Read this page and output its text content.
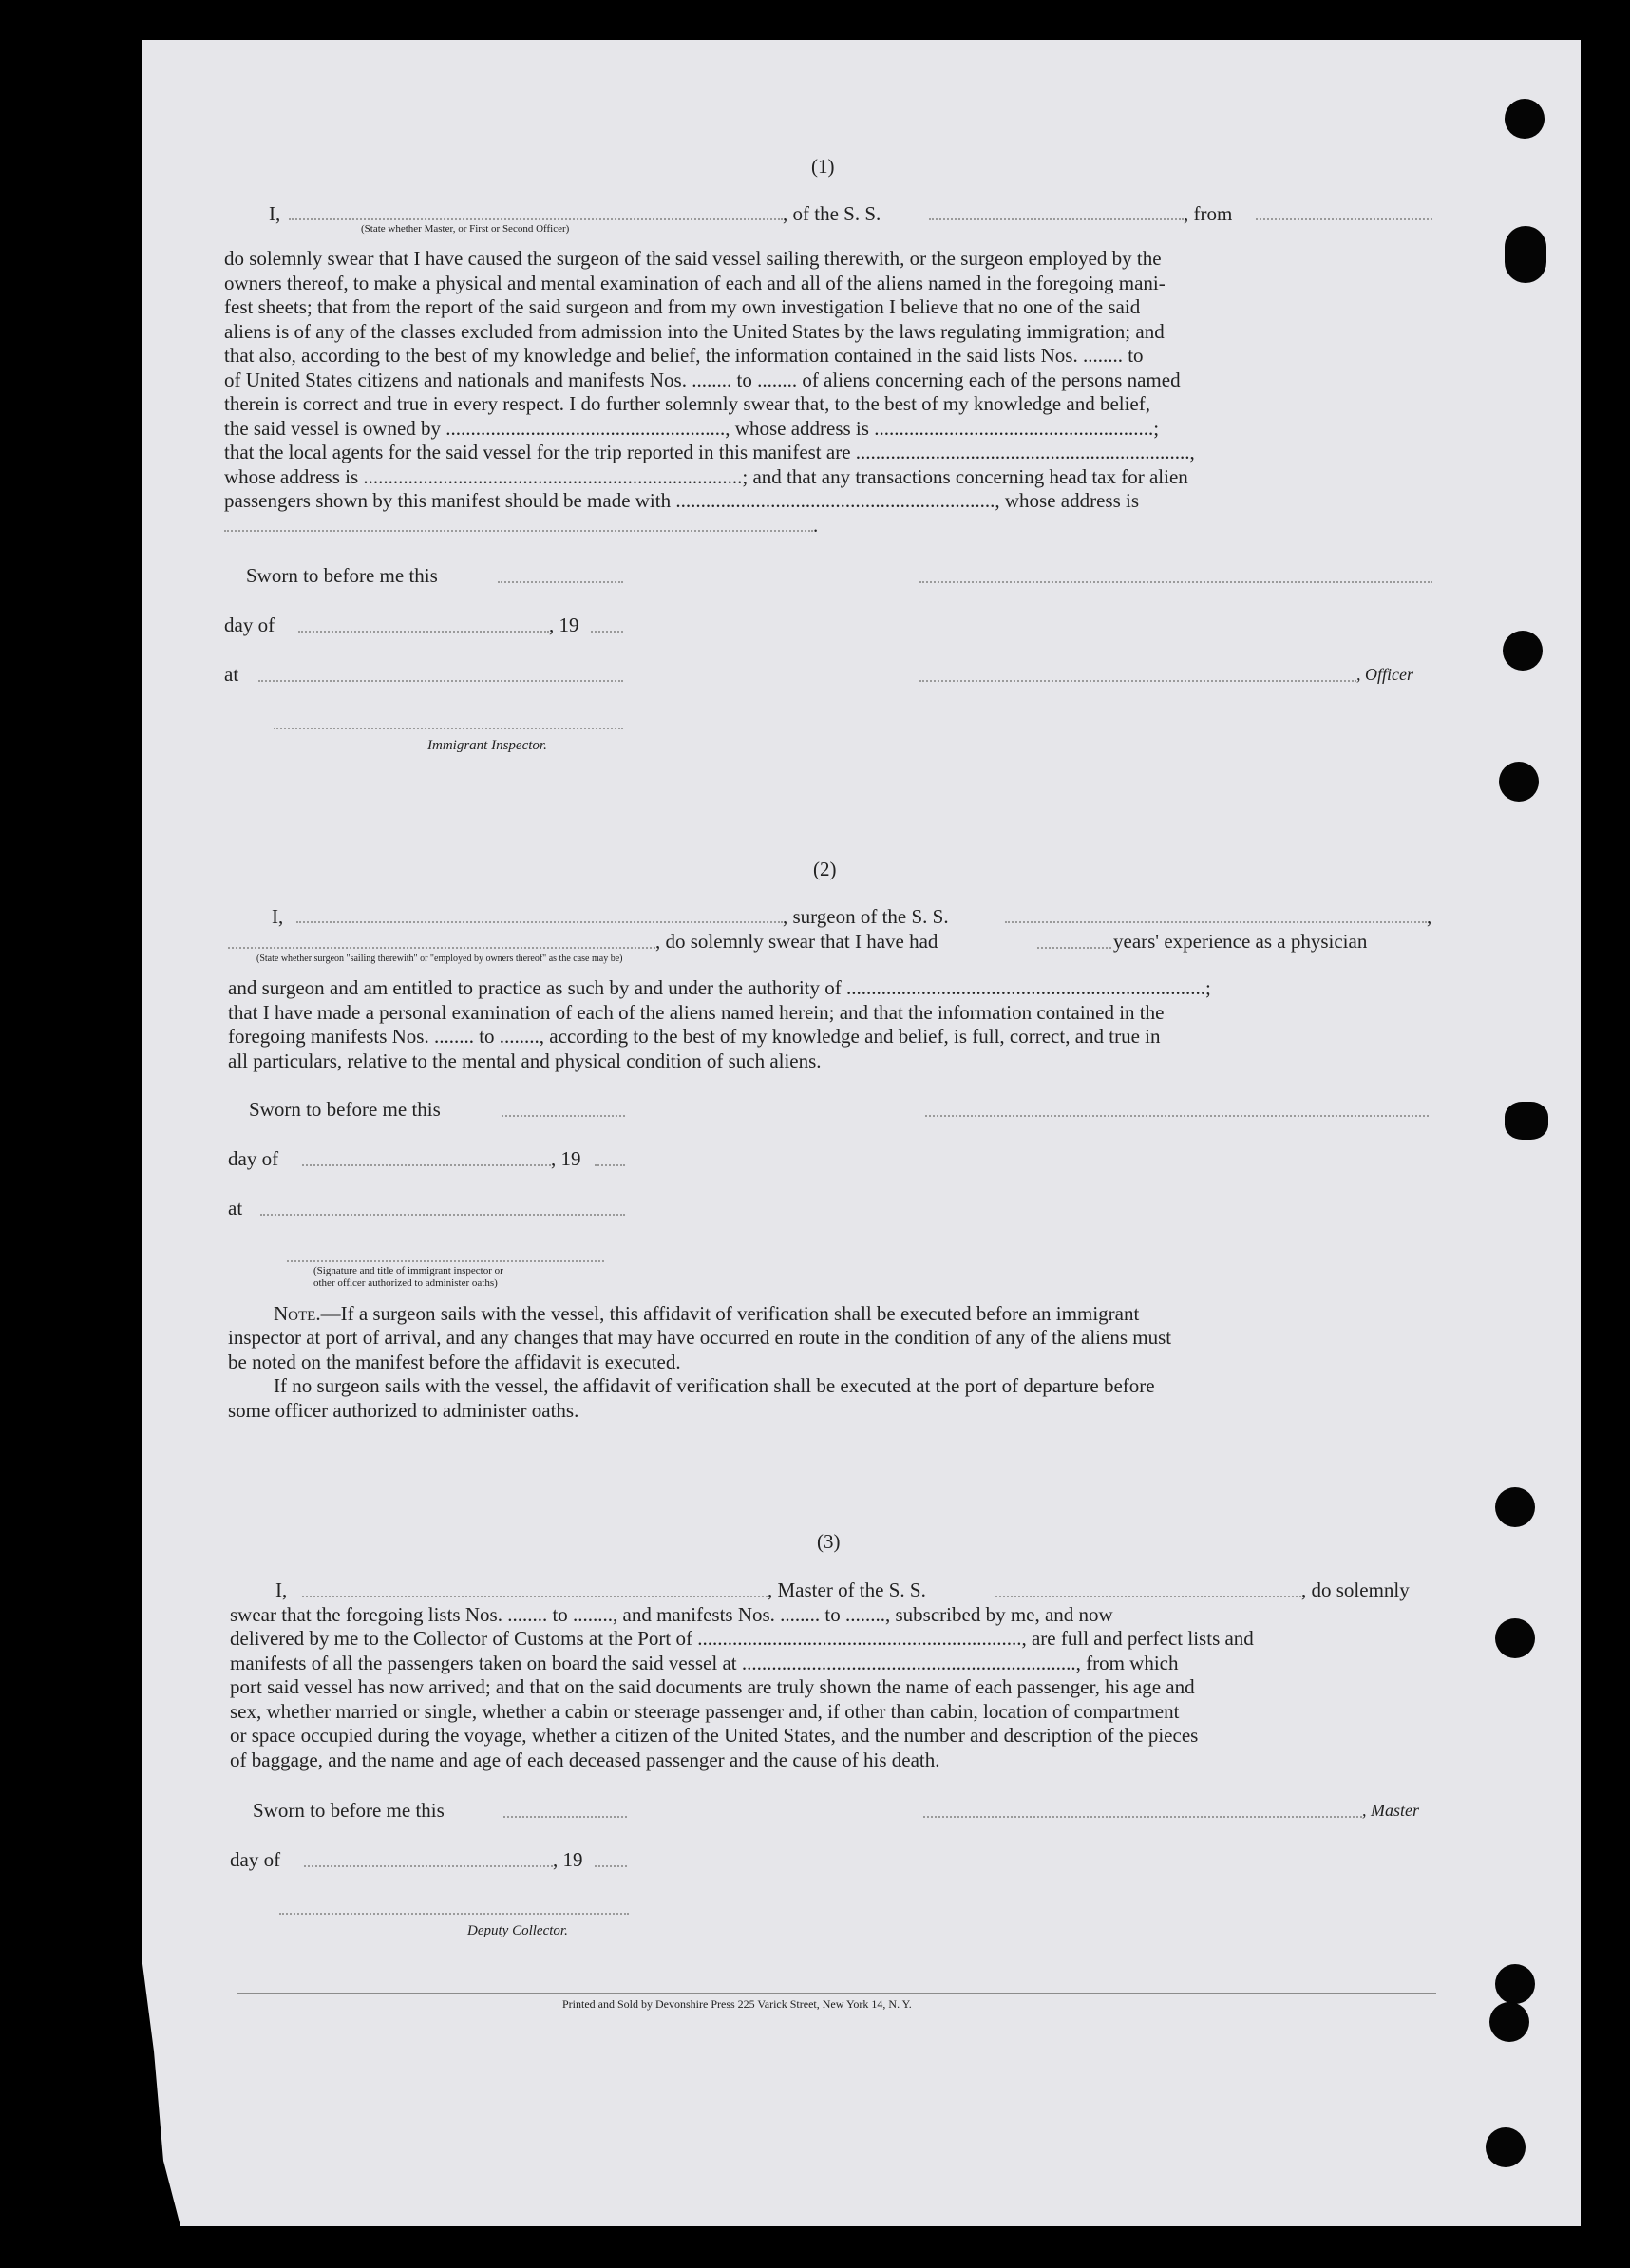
(1)
I,	, of the S. S.	, from
(State whether Master, or First or Second Officer)
do solemnly swear that I have caused the surgeon of the said vessel sailing therewith, or the surgeon employed by the
owners thereof, to make a physical and mental examination of each and all of the aliens named in the foregoing mani-
fest sheets; that from the report of the said surgeon and from my own investigation I believe that no one of the said
aliens is of any of the classes excluded from admission into the United States by the laws regulating immigration; and
that also, according to the best of my knowledge and belief, the information contained in the said lists Nos. ........ to
of United States citizens and nationals and manifests Nos. ........ to ........ of aliens concerning each of the persons named
therein is correct and true in every respect. I do further solemnly swear that, to the best of my knowledge and belief,
the said vessel is owned by ........................................................, whose address is ........................................................;
that the local agents for the said vessel for the trip reported in this manifest are ...................................................................,
whose address is ............................................................................; and that any transactions concerning head tax for alien
passengers shown by this manifest should be made with ................................................................, whose address is
.
Sworn to before me this
day of	, 19
at	, Officer
Immigrant Inspector.
(2)
I,	, surgeon of the S. S.	,
, do solemnly swear that I have had	years' experience as a physician
(State whether surgeon "sailing therewith" or "employed by owners thereof" as the case may be)
and surgeon and am entitled to practice as such by and under the authority of ........................................................................;
that I have made a personal examination of each of the aliens named herein; and that the information contained in the
foregoing manifests Nos. ........ to ........, according to the best of my knowledge and belief, is full, correct, and true in
all particulars, relative to the mental and physical condition of such aliens.
Sworn to before me this
day of	, 19
at
(Signature and title of immigrant inspector or
other officer authorized to administer oaths)
Note.—If a surgeon sails with the vessel, this affidavit of verification shall be executed before an immigrant
inspector at port of arrival, and any changes that may have occurred en route in the condition of any of the aliens must
be noted on the manifest before the affidavit is executed.
If no surgeon sails with the vessel, the affidavit of verification shall be executed at the port of departure before
some officer authorized to administer oaths.
(3)
I,	, Master of the S. S.	, do solemnly
swear that the foregoing lists Nos. ........ to ........, and manifests Nos. ........ to ........, subscribed by me, and now
delivered by me to the Collector of Customs at the Port of ................................................................., are full and perfect lists and
manifests of all the passengers taken on board the said vessel at ..................................................................., from which
port said vessel has now arrived; and that on the said documents are truly shown the name of each passenger, his age and
sex, whether married or single, whether a cabin or steerage passenger and, if other than cabin, location of compartment
or space occupied during the voyage, whether a citizen of the United States, and the number and description of the pieces
of baggage, and the name and age of each deceased passenger and the cause of his death.
Sworn to before me this	, Master
day of	, 19
Deputy Collector.
Printed and Sold by Devonshire Press 225 Varick Street, New York 14, N. Y.
